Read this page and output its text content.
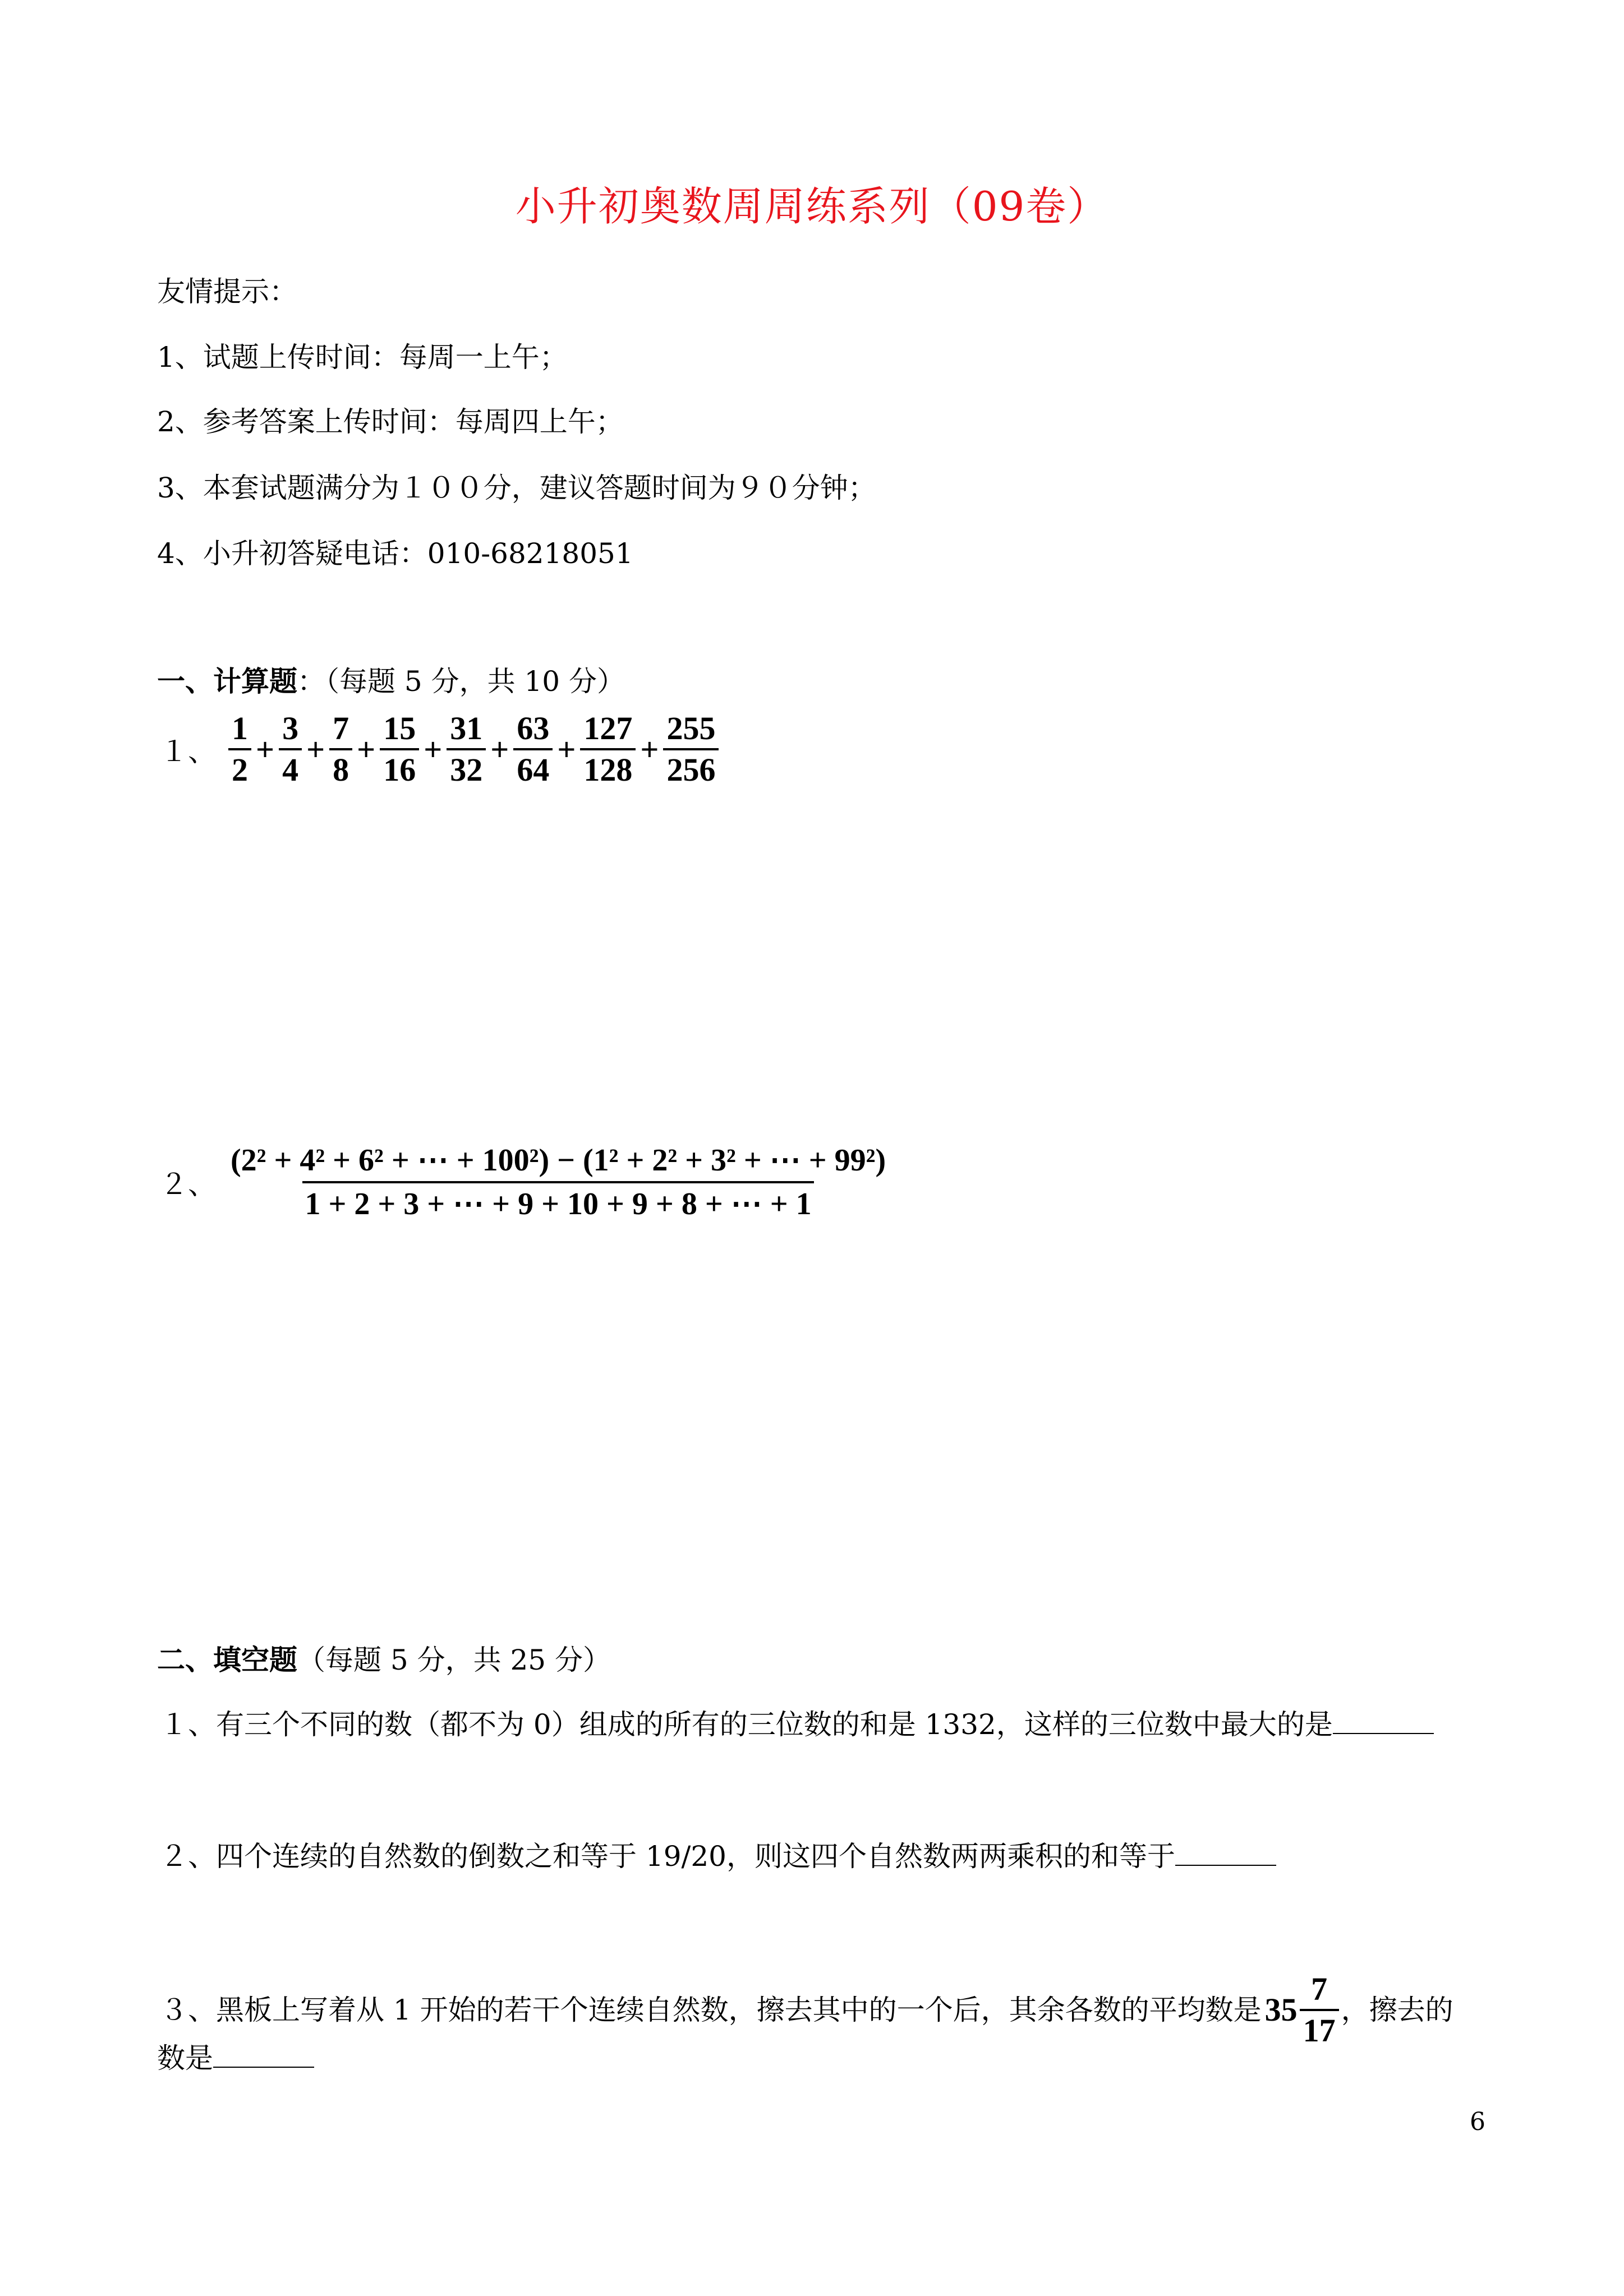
小升初奥数周周练系列（09卷）
友情提示：
1、试题上传时间：每周一上午；
2、参考答案上传时间：每周四上午；
3、本套试题满分为１００分，建议答题时间为９０分钟；
4、小升初答疑电话：010-68218051
一、计算题：（每题 5 分，共 10 分）
１、 $\frac{1}{2} + \frac{3}{4} + \frac{7}{8} + \frac{15}{16} + \frac{31}{32} + \frac{63}{64} + \frac{127}{128} + \frac{255}{256}$
２、 $\frac{\text{(2² + 4² + 6² + ⋯ + 100²) − (1² + 2² + 3² + ⋯ + 99²)}}{1 + 2 + 3 + \cdots + 9 + 10 + 9 + 8 + \cdots + 1}$
二、填空题（每题 5 分，共 25 分）
１、有三个不同的数（都不为 0）组成的所有的三位数的和是 1332，这样的三位数中最大的是
２、四个连续的自然数的倒数之和等于 19/20，则这四个自然数两两乘积的和等于
３、黑板上写着从 1 开始的若干个连续自然数，擦去其中的一个后，其余各数的平均数是 $35 \frac{7}{17}$ ，擦去的
数是
6
